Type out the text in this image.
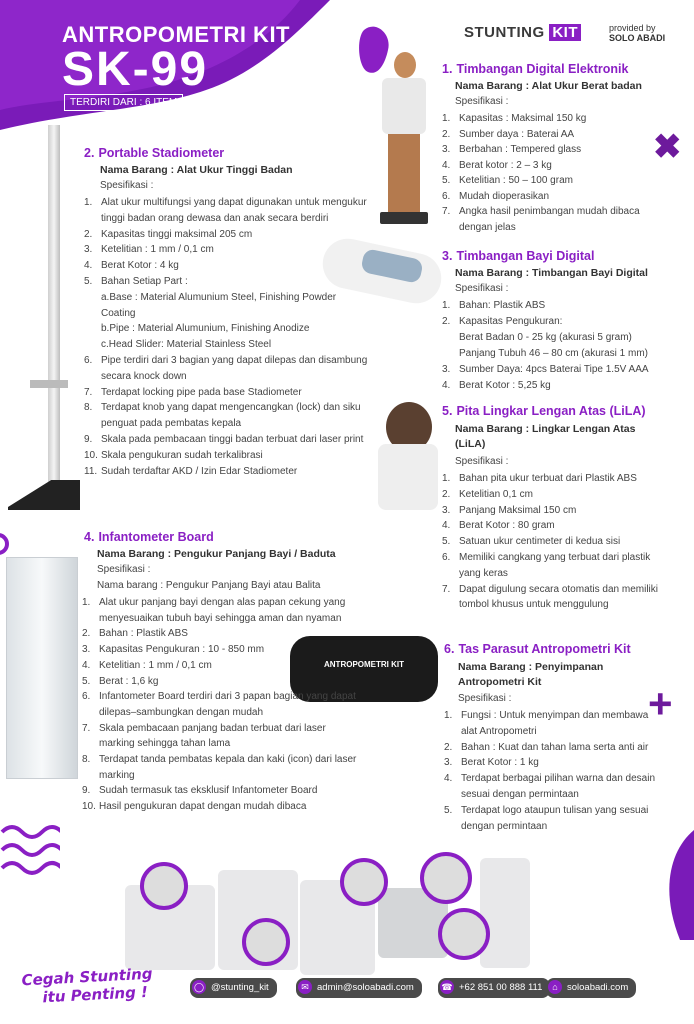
✖
+
ANTROPOMETRI KIT
SK-99
TERDIRI DARI : 6 ITEM
STUNTING KIT	provided by
SOLO ABADI
ANTROPOMETRI KIT
1. Timbangan Digital Elektronik
Nama Barang : Alat Ukur Berat badan
Spesifikasi :
1. Kapasitas : Maksimal 150 kg
2. Sumber daya : Baterai AA
3. Berbahan : Tempered glass
4. Berat kotor : 2 – 3 kg
5. Ketelitian : 50 – 100 gram
6. Mudah dioperasikan
7. Angka hasil penimbangan mudah dibaca dengan jelas
2. Portable Stadiometer
Nama Barang : Alat Ukur Tinggi Badan
Spesifikasi :
1. Alat ukur multifungsi yang dapat digunakan untuk mengukur tinggi badan orang dewasa dan anak secara berdiri
2. Kapasitas tinggi maksimal 205 cm
3. Ketelitian : 1 mm / 0,1 cm
4. Berat Kotor : 4 kg
5. Bahan Setiap Part :
a.Base : Material Alumunium Steel, Finishing Powder Coating
b.Pipe : Material Alumunium, Finishing Anodize
c.Head Slider: Material Stainless Steel
6. Pipe terdiri dari 3 bagian yang dapat dilepas dan disambung secara knock down
7. Terdapat locking pipe pada base Stadiometer
8. Terdapat knob yang dapat mengencangkan (lock) dan siku penguat pada pembatas kepala
9. Skala pada pembacaan tinggi badan terbuat dari laser print
10. Skala pengukuran sudah terkalibrasi
11. Sudah terdaftar AKD / Izin Edar Stadiometer
3. Timbangan Bayi Digital
Nama Barang : Timbangan Bayi Digital
Spesifikasi :
1. Bahan: Plastik ABS
2. Kapasitas Pengukuran:
Berat Badan 0 - 25 kg (akurasi 5 gram)
Panjang Tubuh 46 – 80 cm (akurasi 1 mm)
3. Sumber Daya: 4pcs Baterai Tipe 1.5V AAA
4. Berat Kotor : 5,25 kg
5. Pita Lingkar Lengan Atas (LiLA)
Nama Barang : Lingkar Lengan Atas (LiLA)
Spesifikasi :
1. Bahan pita ukur terbuat dari Plastik ABS
2. Ketelitian 0,1 cm
3. Panjang Maksimal 150 cm
4. Berat Kotor : 80 gram
5. Satuan ukur centimeter di kedua sisi
6. Memiliki cangkang yang terbuat dari plastik yang keras
7. Dapat digulung secara otomatis dan memiliki tombol khusus untuk menggulung
4. Infantometer Board
Nama Barang : Pengukur Panjang Bayi / Baduta
Spesifikasi :
Nama barang : Pengukur Panjang Bayi atau Balita
1. Alat ukur panjang bayi dengan alas papan cekung yang menyesuaikan tubuh bayi sehingga aman dan nyaman
2. Bahan : Plastik ABS
3. Kapasitas Pengukuran : 10 - 850 mm
4. Ketelitian : 1 mm / 0,1 cm
5. Berat : 1,6 kg
6. Infantometer Board terdiri dari 3 papan bagian yang dapat dilepas–sambungkan dengan mudah
7. Skala pembacaan panjang badan terbuat dari laser marking sehingga tahan lama
8. Terdapat tanda pembatas kepala dan kaki (icon) dari laser marking
9. Sudah termasuk tas eksklusif Infantometer Board
10. Hasil pengukuran dapat dengan mudah dibaca
6. Tas Parasut Antropometri Kit
Nama Barang : Penyimpanan Antropometri Kit
Spesifikasi :
1. Fungsi : Untuk menyimpan dan membawa alat Antropometri
2. Bahan : Kuat dan tahan lama serta anti air
3. Berat Kotor : 1 kg
4. Terdapat berbagai pilihan warna dan desain sesuai dengan permintaan
5. Terdapat logo ataupun tulisan yang sesuai dengan permintaan
Cegah Stunting
itu Penting !	◯ @stunting_kit	✉ admin@soloabadi.com	☎ +62 851 00 888 111	⌂ soloabadi.com
